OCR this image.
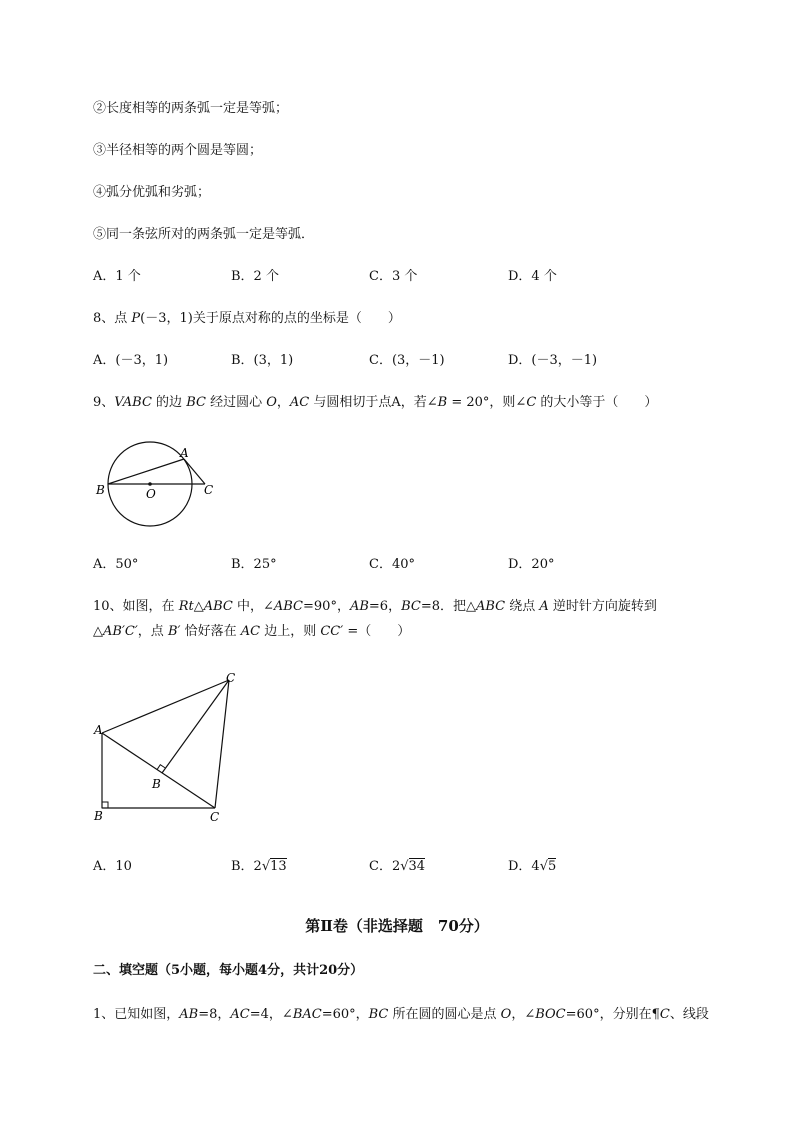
②长度相等的两条弧一定是等弧；
③半径相等的两个圆是等圆；
④弧分优弧和劣弧；
⑤同一条弦所对的两条弧一定是等弧．
A．1 个	B．2 个	C．3 个	D．4 个
8、点 P(－3，1)关于原点对称的点的坐标是（　　）
A．(－3，1)	B．(3，1)	C．(3，－1)	D．(－3，－1)
9、VABC 的边 BC 经过圆心 O，AC 与圆相切于点A，若∠B = 20°，则∠C 的大小等于（　　）
A
B	C
O
A．50°	B．25°	C．40°	D．20°
10、如图，在 Rt△ABC 中，∠ABC=90°，AB=6，BC=8．把△ABC 绕点 A 逆时针方向旋转到
△AB′C′，点 B′ 恰好落在 AC 边上，则 CC′ =（　　）
A
B	C
B
C
A．10	B．2√13	C．2√34	D．4√5
第Ⅱ卷（非选择题　70分）
二、填空题（5小题，每小题4分，共计20分）
1、已知如图，AB=8，AC=4，∠BAC=60°，BC 所在圆的圆心是点 O，∠BOC=60°，分别在¶C、线段
